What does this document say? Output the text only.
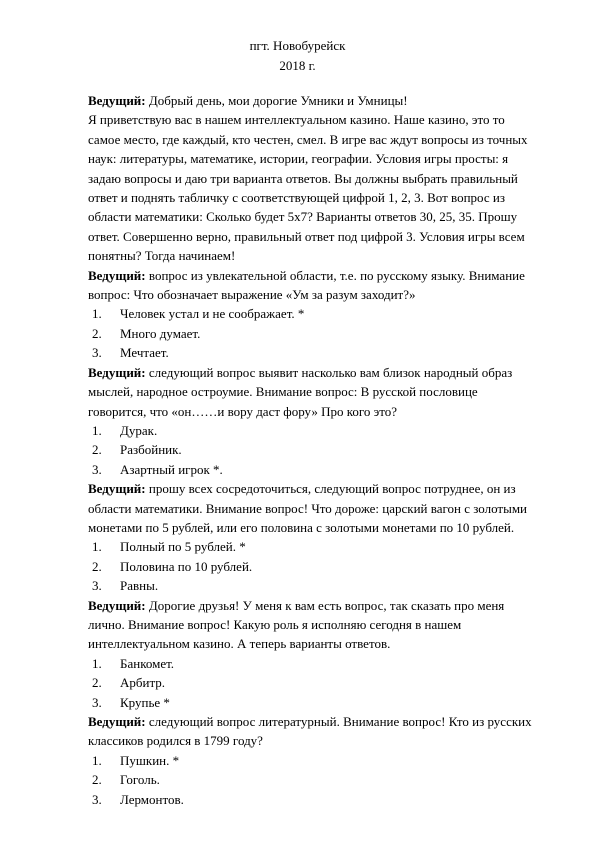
пгт. Новобурейск
2018 г.

Ведущий: Добрый день, мои дорогие Умники и Умницы!

Я приветствую вас в нашем интеллектуальном казино. Наше казино, это то самое место, где каждый, кто честен, смел. В игре вас ждут вопросы из точных наук: литературы, математике, истории, географии. Условия игры просты: я задаю вопросы и даю три варианта ответов. Вы должны выбрать правильный ответ и поднять табличку с соответствующей цифрой 1, 2, 3. Вот вопрос из области математики: Сколько будет 5х7? Варианты ответов 30, 25, 35. Прошу ответ. Совершенно верно, правильный ответ под цифрой 3. Условия игры всем понятны? Тогда начинаем!

Ведущий: вопрос из увлекательной области, т.е. по русскому языку. Внимание вопрос: Что обозначает выражение «Ум за разум заходит?»

1. Человек устал и не соображает. *
2. Много думает.
3. Мечтает.

Ведущий: следующий вопрос выявит насколько вам близок народный образ мыслей, народное остроумие. Внимание вопрос: В русской пословице говорится, что «он……и вору даст фору» Про кого это?

1. Дурак.
2. Разбойник.
3. Азартный игрок *.

Ведущий: прошу всех сосредоточиться, следующий вопрос потруднее, он из области математики. Внимание вопрос! Что дороже: царский вагон с золотыми монетами по 5 рублей, или его половина с золотыми монетами по 10 рублей.

1. Полный по 5 рублей. *
2. Половина по 10 рублей.
3. Равны.

Ведущий: Дорогие друзья! У меня к вам есть вопрос, так сказать про меня лично. Внимание вопрос! Какую роль я исполняю сегодня в нашем интеллектуальном казино. А теперь варианты ответов.

1. Банкомет.
2. Арбитр.
3. Крупье *

Ведущий: следующий вопрос литературный. Внимание вопрос! Кто из русских классиков родился в 1799 году?

1. Пушкин. *
2. Гоголь.
3. Лермонтов.
